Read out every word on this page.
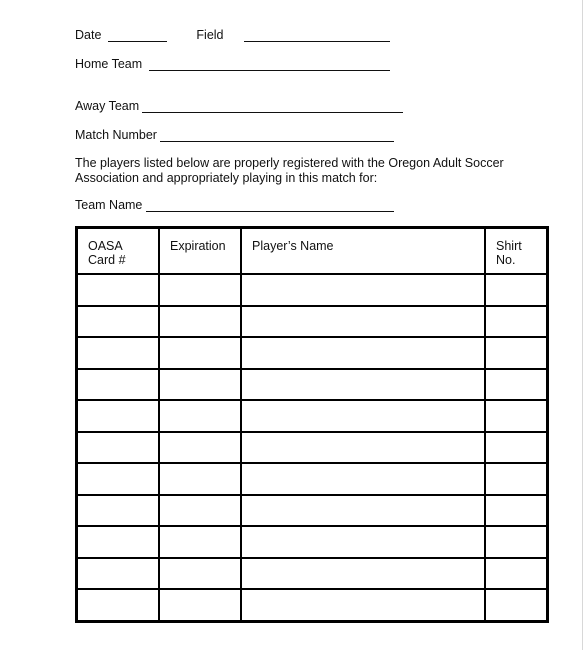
Date	Field
Home Team
Away Team
Match Number
The players listed below are properly registered with the Oregon Adult Soccer
Association and appropriately playing in this match for:
Team Name
OASA
Card #	Expiration	Player’s Name	Shirt
No.
